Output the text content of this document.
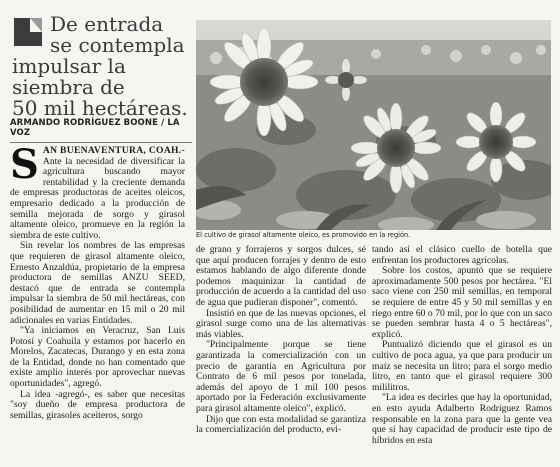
De entrada
se contempla
impulsar la siembra de
50 mil hectáreas.
ARMANDO RODRÍGUEZ BOONE / LA VOZ
El cultivo de girasol altamente oleico, es promovido en la región.

SAN BUENAVENTURA, COAH.- Ante la necesidad de diversificar la agricultura buscando mayor rentabilidad y la creciente demanda de empresas productoras de aceites oleicos, empresario dedicado a la producción de semilla mejorada de sorgo y girasol altamente oleico, promueve en la región la siembra de este cultivo.

Sin revelar los nombres de las empresas que requieren de girasol altamente oleico, Ernesto Anzaldúa, propietario de la empresa productora de semillas ANZU SEED, destacó que de entrada se contempla impulsar la siembra de 50 mil hectáreas, con posibilidad de aumentar en 15 mil o 20 mil adicionales en varias Entidades.

"Ya iniciamos en Veracruz, San Luis Potosí y Coahuila y estamos por hacerlo en Morelos, Zacatecas, Durango y en esta zona de la Entidad, donde no han comentado que existe amplio interés por aprovechar nuevas oportunidades", agregó.

La idea -agregó-, es saber que necesitas "soy dueño de empresa productora de semillas, girasoles aceiteros, sorgo

de grano y forrajeros y sorgos dulces, sé que aquí producen forrajes y dentro de esto estamos hablando de algo diferente donde podemos maquinizar la cantidad de producción de acuerdo a la cantidad del uso de agua que pudieran disponer", comentó.

Insistió en que de las nuevas opciones, el girasol surge como una de las alternativas más viables.

"Principalmente porque se tiene garantizada la comercialización con un precio de garantía en Agricultura por Contrato de 6 mil pesos por tonelada, además del apoyo de 1 mil 100 pesos aportado por la Federación exclusivamente para girasol altamente oleico", explicó.

Dijo que con esta modalidad se garantiza la comercialización del producto, evi-

tando así el clásico cuello de botella que enfrentan los productores agrícolas.

Sobre los costos, apuntó que se requiere aproximadamente 500 pesos por hectárea. "El saco viene con 250 mil semillas, en temporal se requiere de entre 45 y 50 mil semillas y en riego entre 60 o 70 mil, por lo que con un saco se pueden sembrar hasta 4 o 5 hectáreas", explicó.

Puntualizó diciendo que el girasol es un cultivo de poca agua, ya que para producir un maíz se necesita un litro; para el sorgo medio litro, en tanto que el girasol requiere 300 mililitros.

"La idea es decirles que hay la oportunidad, en esto ayuda Adalberto Rodríguez Ramos responsable en la zona para que la gente vea que sí hay capacidad de producir este tipo de híbridos en esta
